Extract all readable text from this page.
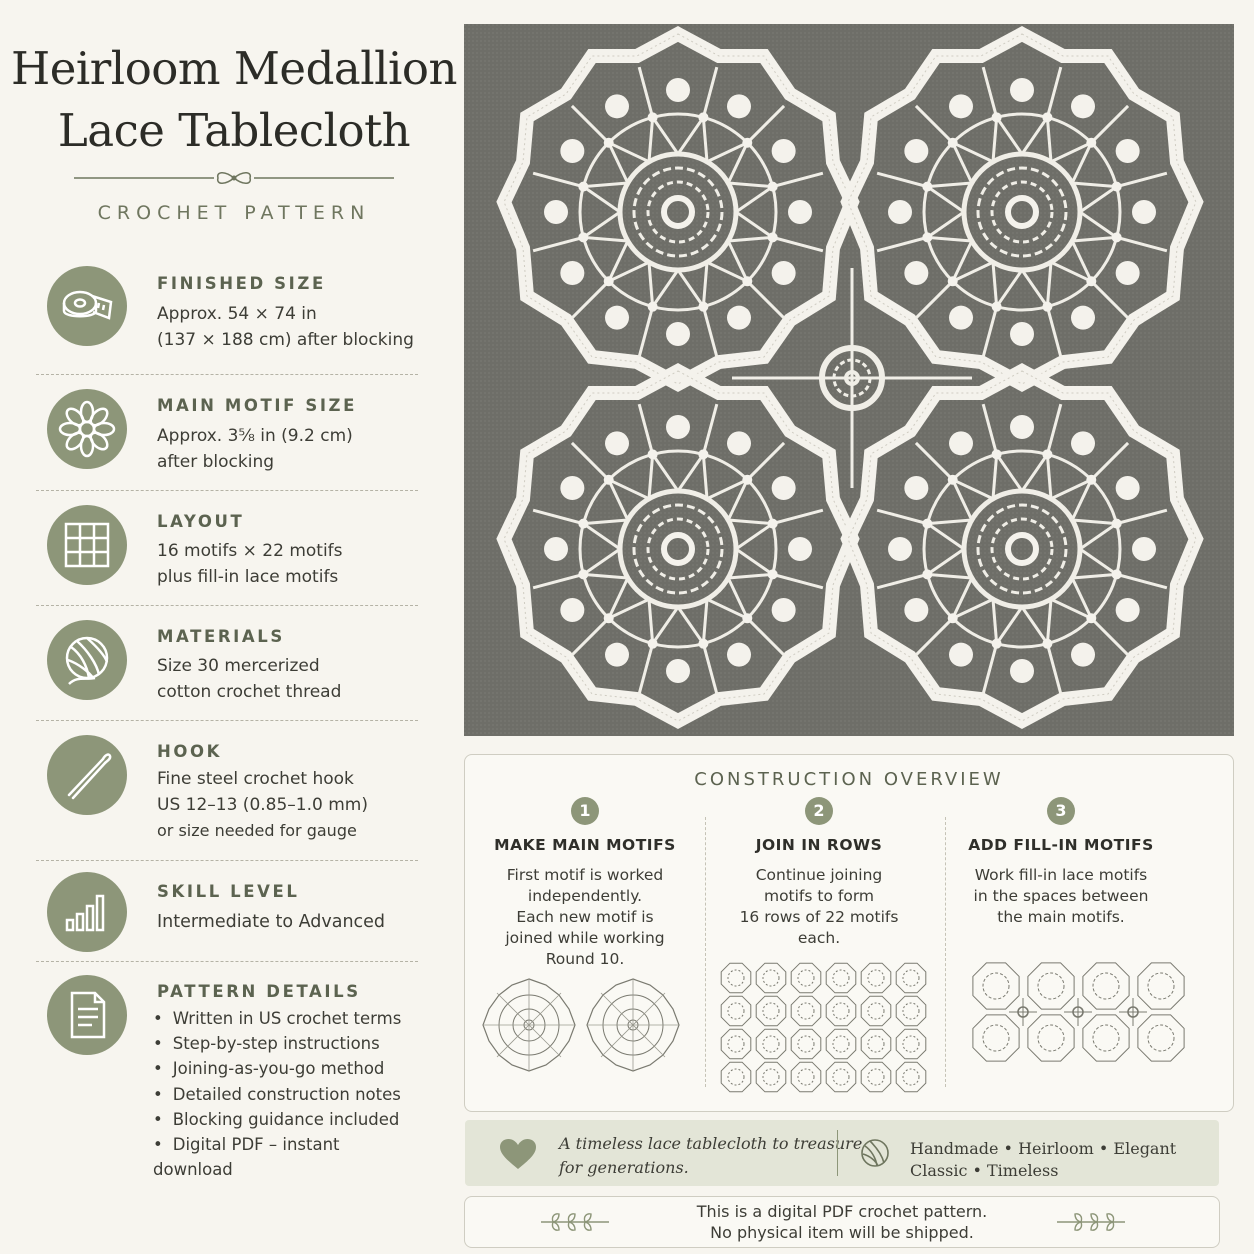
Heirloom Medallion
Lace Tablecloth
CROCHET PATTERN
FINISHED SIZE
Approx. 54 × 74 in
(137 × 188 cm) after blocking
MAIN MOTIF SIZE
Approx. 3⅝ in (9.2 cm)
after blocking
LAYOUT
16 motifs × 22 motifs
plus fill-in lace motifs
MATERIALS
Size 30 mercerized
cotton crochet thread
HOOK
Fine steel crochet hook
US 12–13 (0.85–1.0 mm)
or size needed for gauge
SKILL LEVEL
Intermediate to Advanced
PATTERN DETAILS
• Written in US crochet terms
• Step-by-step instructions
• Joining-as-you-go method
• Detailed construction notes
• Blocking guidance included
• Digital PDF – instant download
CONSTRUCTION OVERVIEW
1
MAKE MAIN MOTIFS
First motif is worked
independently.
Each new motif is
joined while working
Round 10.
2
JOIN IN ROWS
Continue joining
motifs to form
16 rows of 22 motifs
each.
3
ADD FILL-IN MOTIFS
Work fill-in lace motifs
in the spaces between
the main motifs.
A timeless lace tablecloth to treasure
for generations.
Handmade • Heirloom • Elegant
Classic • Timeless
This is a digital PDF crochet pattern.
No physical item will be shipped.
